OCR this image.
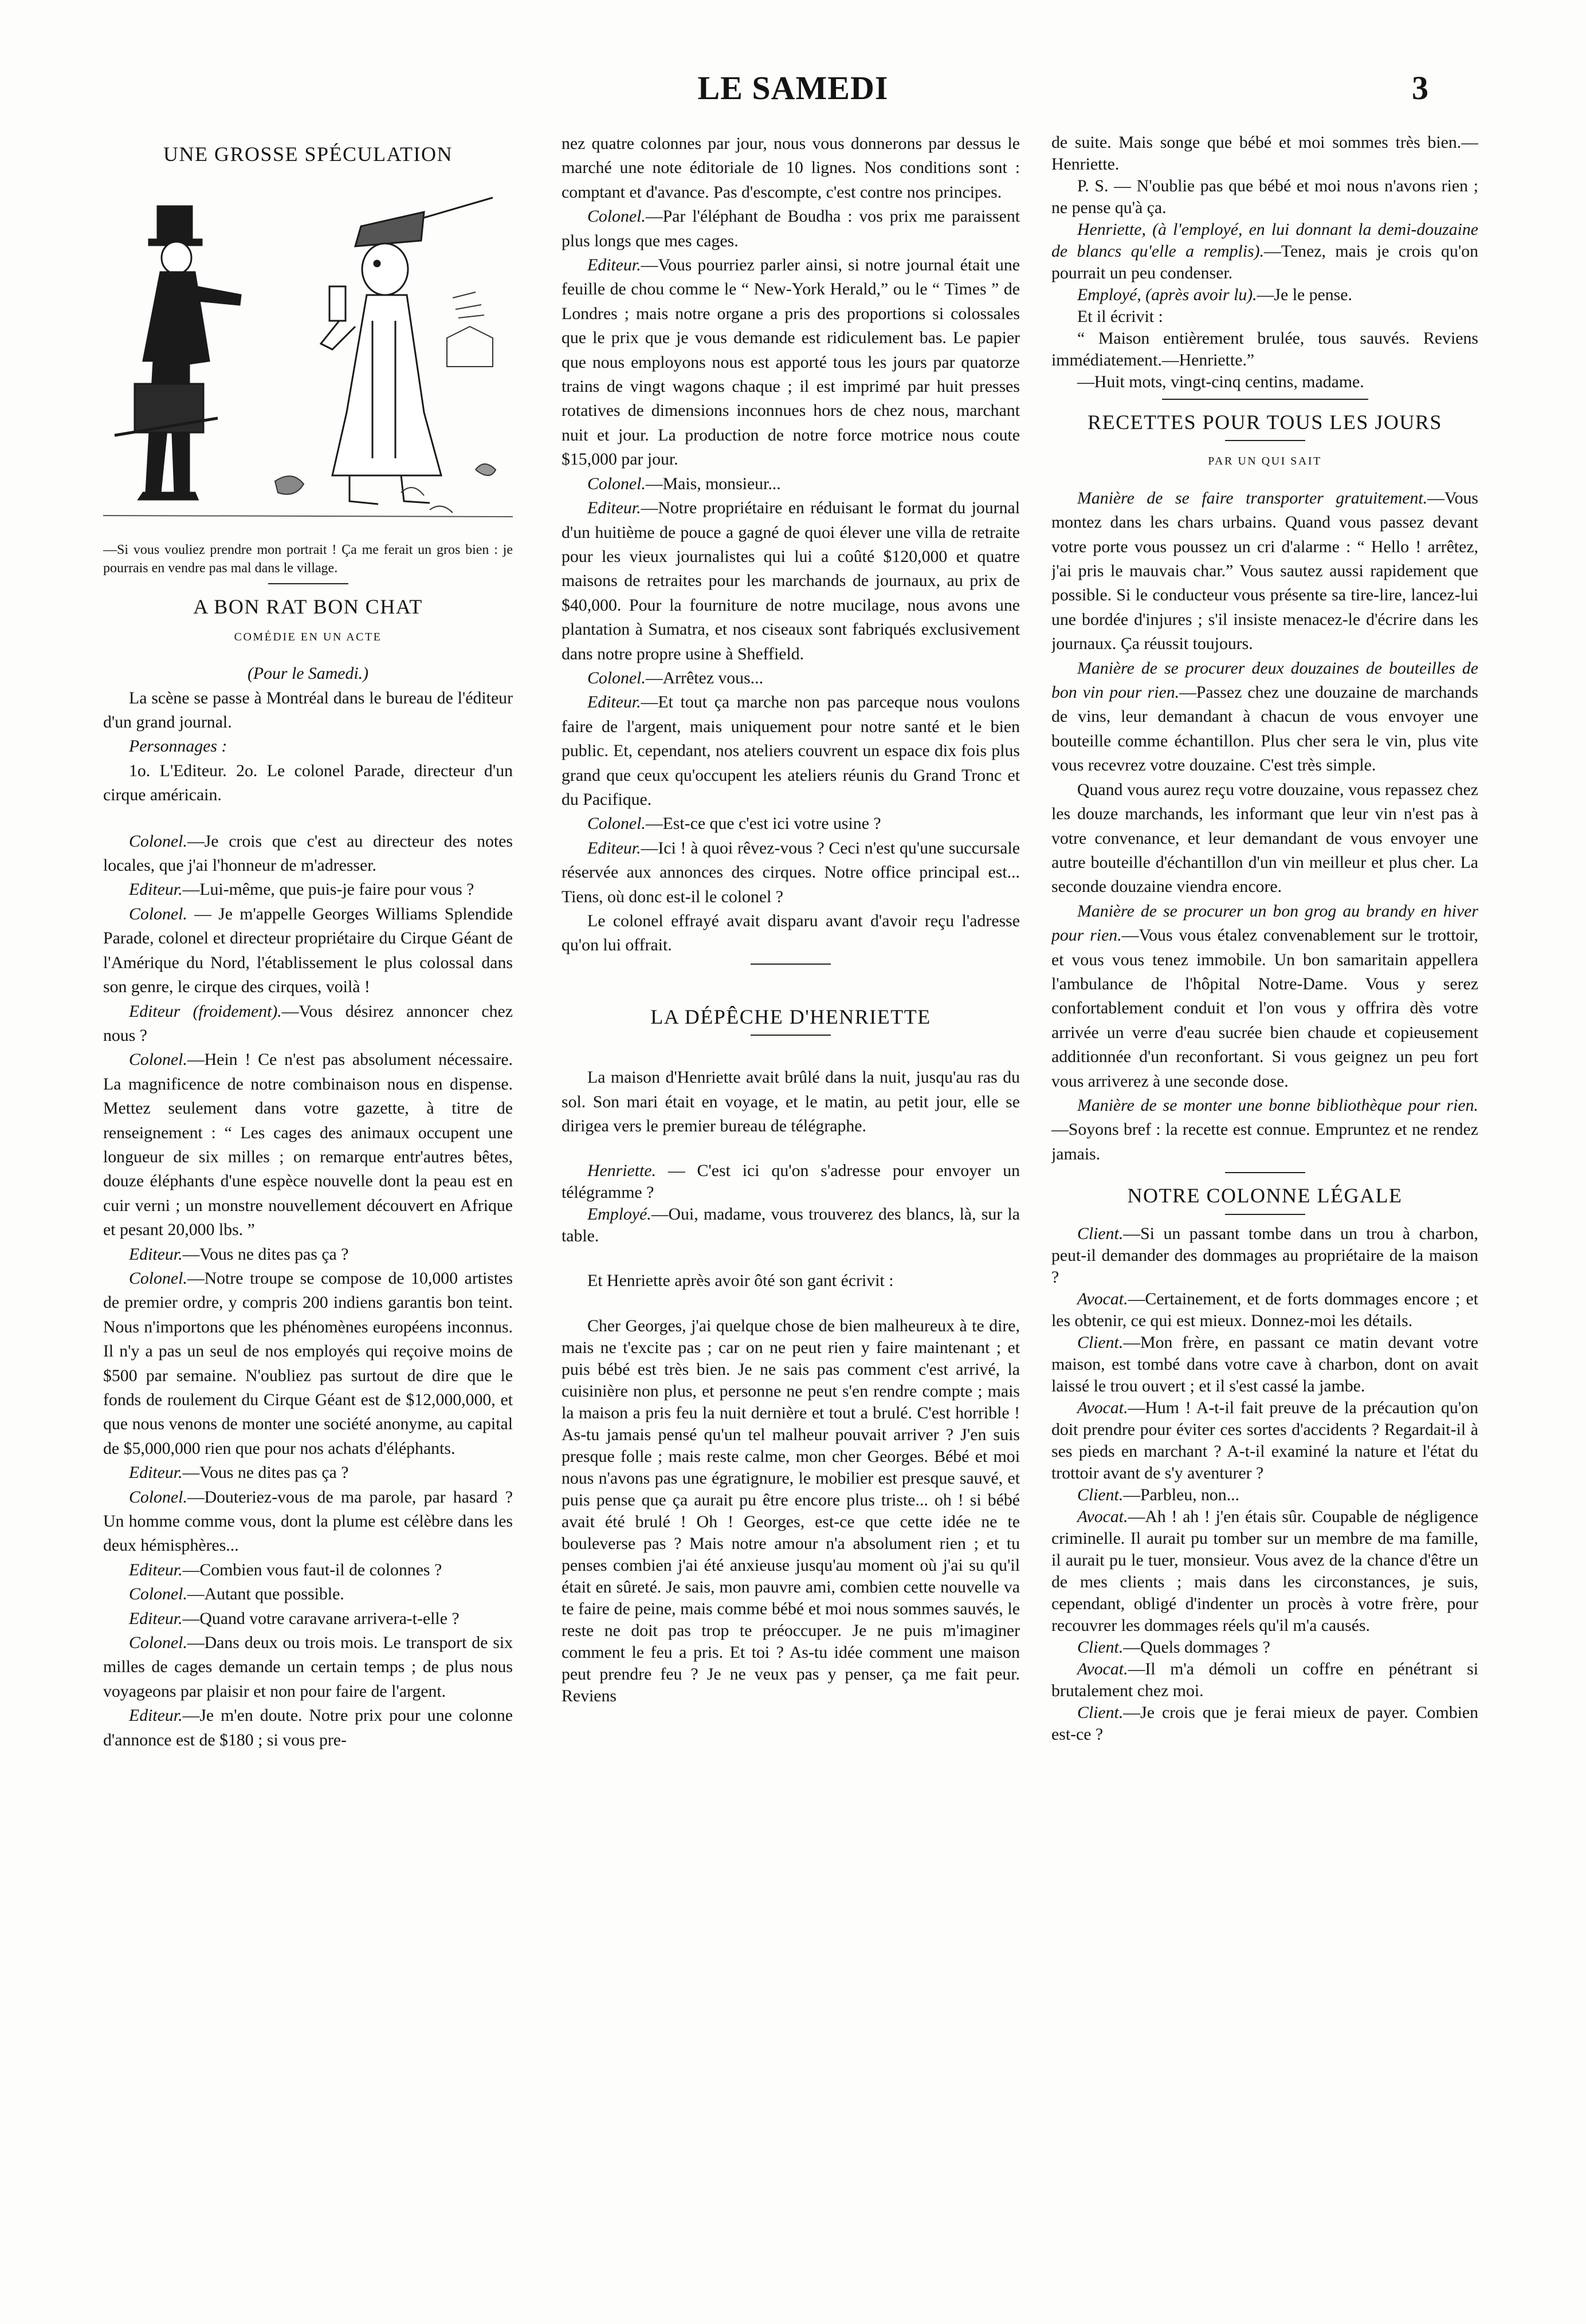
LE SAMEDI	3
UNE GROSSE SPÉCULATION

—Si vous vouliez prendre mon portrait ! Ça me ferait un gros bien : je pourrais en vendre pas mal dans le village.

A BON RAT BON CHAT
COMÉDIE EN UN ACTE

(Pour le Samedi.)

La scène se passe à Montréal dans le bureau de l'éditeur d'un grand journal.

Personnages :

1o. L'Editeur. 2o. Le colonel Parade, directeur d'un cirque américain.

Colonel.—Je crois que c'est au directeur des notes locales, que j'ai l'honneur de m'adresser.

Editeur.—Lui-même, que puis-je faire pour vous ?

Colonel. — Je m'appelle Georges Williams Splendide Parade, colonel et directeur propriétaire du Cirque Géant de l'Amérique du Nord, l'établissement le plus colossal dans son genre, le cirque des cirques, voilà !

Editeur (froidement).—Vous désirez annoncer chez nous ?

Colonel.—Hein ! Ce n'est pas absolument nécessaire. La magnificence de notre combinaison nous en dispense. Mettez seulement dans votre gazette, à titre de renseignement : “ Les cages des animaux occupent une longueur de six milles ; on remarque entr'autres bêtes, douze éléphants d'une espèce nouvelle dont la peau est en cuir verni ; un monstre nouvellement découvert en Afrique et pesant 20,000 lbs. ”

Editeur.—Vous ne dites pas ça ?

Colonel.—Notre troupe se compose de 10,000 artistes de premier ordre, y compris 200 indiens garantis bon teint. Nous n'importons que les phénomènes européens inconnus. Il n'y a pas un seul de nos employés qui reçoive moins de $500 par semaine. N'oubliez pas surtout de dire que le fonds de roulement du Cirque Géant est de $12,000,000, et que nous venons de monter une société anonyme, au capital de $5,000,000 rien que pour nos achats d'éléphants.

Editeur.—Vous ne dites pas ça ?

Colonel.—Douteriez-vous de ma parole, par hasard ? Un homme comme vous, dont la plume est célèbre dans les deux hémisphères...

Editeur.—Combien vous faut-il de colonnes ?

Colonel.—Autant que possible.

Editeur.—Quand votre caravane arrivera-t-elle ?

Colonel.—Dans deux ou trois mois. Le transport de six milles de cages demande un certain temps ; de plus nous voyageons par plaisir et non pour faire de l'argent.

Editeur.—Je m'en doute. Notre prix pour une colonne d'annonce est de $180 ; si vous pre-

nez quatre colonnes par jour, nous vous donnerons par dessus le marché une note éditoriale de 10 lignes. Nos conditions sont : comptant et d'avance. Pas d'escompte, c'est contre nos principes.

Colonel.—Par l'éléphant de Boudha : vos prix me paraissent plus longs que mes cages.

Editeur.—Vous pourriez parler ainsi, si notre journal était une feuille de chou comme le “ New-York Herald,” ou le “ Times ” de Londres ; mais notre organe a pris des proportions si colossales que le prix que je vous demande est ridiculement bas. Le papier que nous employons nous est apporté tous les jours par quatorze trains de vingt wagons chaque ; il est imprimé par huit presses rotatives de dimensions inconnues hors de chez nous, marchant nuit et jour. La production de notre force motrice nous coute $15,000 par jour.

Colonel.—Mais, monsieur...

Editeur.—Notre propriétaire en réduisant le format du journal d'un huitième de pouce a gagné de quoi élever une villa de retraite pour les vieux journalistes qui lui a coûté $120,000 et quatre maisons de retraites pour les marchands de journaux, au prix de $40,000. Pour la fourniture de notre mucilage, nous avons une plantation à Sumatra, et nos ciseaux sont fabriqués exclusivement dans notre propre usine à Sheffield.

Colonel.—Arrêtez vous...

Editeur.—Et tout ça marche non pas parceque nous voulons faire de l'argent, mais uniquement pour notre santé et le bien public. Et, cependant, nos ateliers couvrent un espace dix fois plus grand que ceux qu'occupent les ateliers réunis du Grand Tronc et du Pacifique.

Colonel.—Est-ce que c'est ici votre usine ?

Editeur.—Ici ! à quoi rêvez-vous ? Ceci n'est qu'une succursale réservée aux annonces des cirques. Notre office principal est... Tiens, où donc est-il le colonel ?

Le colonel effrayé avait disparu avant d'avoir reçu l'adresse qu'on lui offrait.

LA DÉPÊCHE D'HENRIETTE

La maison d'Henriette avait brûlé dans la nuit, jusqu'au ras du sol. Son mari était en voyage, et le matin, au petit jour, elle se dirigea vers le premier bureau de télégraphe.

Henriette. — C'est ici qu'on s'adresse pour envoyer un télégramme ?

Employé.—Oui, madame, vous trouverez des blancs, là, sur la table.

Et Henriette après avoir ôté son gant écrivit :

Cher Georges, j'ai quelque chose de bien malheureux à te dire, mais ne t'excite pas ; car on ne peut rien y faire maintenant ; et puis bébé est très bien. Je ne sais pas comment c'est arrivé, la cuisinière non plus, et personne ne peut s'en rendre compte ; mais la maison a pris feu la nuit dernière et tout a brulé. C'est horrible ! As-tu jamais pensé qu'un tel malheur pouvait arriver ? J'en suis presque folle ; mais reste calme, mon cher Georges. Bébé et moi nous n'avons pas une égratignure, le mobilier est presque sauvé, et puis pense que ça aurait pu être encore plus triste... oh ! si bébé avait été brulé ! Oh ! Georges, est-ce que cette idée ne te bouleverse pas ? Mais notre amour n'a absolument rien ; et tu penses combien j'ai été anxieuse jusqu'au moment où j'ai su qu'il était en sûreté. Je sais, mon pauvre ami, combien cette nouvelle va te faire de peine, mais comme bébé et moi nous sommes sauvés, le reste ne doit pas trop te préoccuper. Je ne puis m'imaginer comment le feu a pris. Et toi ? As-tu idée comment une maison peut prendre feu ? Je ne veux pas y penser, ça me fait peur. Reviens

de suite. Mais songe que bébé et moi sommes très bien.—Henriette.

P. S. — N'oublie pas que bébé et moi nous n'avons rien ; ne pense qu'à ça.

Henriette, (à l'employé, en lui donnant la demi-douzaine de blancs qu'elle a remplis).—Tenez, mais je crois qu'on pourrait un peu condenser.

Employé, (après avoir lu).—Je le pense.

Et il écrivit :

“ Maison entièrement brulée, tous sauvés. Reviens immédiatement.—Henriette.”

—Huit mots, vingt-cinq centins, madame.

RECETTES POUR TOUS LES JOURS
PAR UN QUI SAIT

Manière de se faire transporter gratuitement.—Vous montez dans les chars urbains. Quand vous passez devant votre porte vous poussez un cri d'alarme : “ Hello ! arrêtez, j'ai pris le mauvais char.” Vous sautez aussi rapidement que possible. Si le conducteur vous présente sa tire-lire, lancez-lui une bordée d'injures ; s'il insiste menacez-le d'écrire dans les journaux. Ça réussit toujours.

Manière de se procurer deux douzaines de bouteilles de bon vin pour rien.—Passez chez une douzaine de marchands de vins, leur demandant à chacun de vous envoyer une bouteille comme échantillon. Plus cher sera le vin, plus vite vous recevrez votre douzaine. C'est très simple.

Quand vous aurez reçu votre douzaine, vous repassez chez les douze marchands, les informant que leur vin n'est pas à votre convenance, et leur demandant de vous envoyer une autre bouteille d'échantillon d'un vin meilleur et plus cher. La seconde douzaine viendra encore.

Manière de se procurer un bon grog au brandy en hiver pour rien.—Vous vous étalez convenablement sur le trottoir, et vous vous tenez immobile. Un bon samaritain appellera l'ambulance de l'hôpital Notre-Dame. Vous y serez confortablement conduit et l'on vous y offrira dès votre arrivée un verre d'eau sucrée bien chaude et copieusement additionnée d'un reconfortant. Si vous geignez un peu fort vous arriverez à une seconde dose.

Manière de se monter une bonne bibliothèque pour rien.—Soyons bref : la recette est connue. Empruntez et ne rendez jamais.

NOTRE COLONNE LÉGALE

Client.—Si un passant tombe dans un trou à charbon, peut-il demander des dommages au propriétaire de la maison ?

Avocat.—Certainement, et de forts dommages encore ; et les obtenir, ce qui est mieux. Donnez-moi les détails.

Client.—Mon frère, en passant ce matin devant votre maison, est tombé dans votre cave à charbon, dont on avait laissé le trou ouvert ; et il s'est cassé la jambe.

Avocat.—Hum ! A-t-il fait preuve de la précaution qu'on doit prendre pour éviter ces sortes d'accidents ? Regardait-il à ses pieds en marchant ? A-t-il examiné la nature et l'état du trottoir avant de s'y aventurer ?

Client.—Parbleu, non...

Avocat.—Ah ! ah ! j'en étais sûr. Coupable de négligence criminelle. Il aurait pu tomber sur un membre de ma famille, il aurait pu le tuer, monsieur. Vous avez de la chance d'être un de mes clients ; mais dans les circonstances, je suis, cependant, obligé d'indenter un procès à votre frère, pour recouvrer les dommages réels qu'il m'a causés.

Client.—Quels dommages ?

Avocat.—Il m'a démoli un coffre en pénétrant si brutalement chez moi.

Client.—Je crois que je ferai mieux de payer. Combien est-ce ?
